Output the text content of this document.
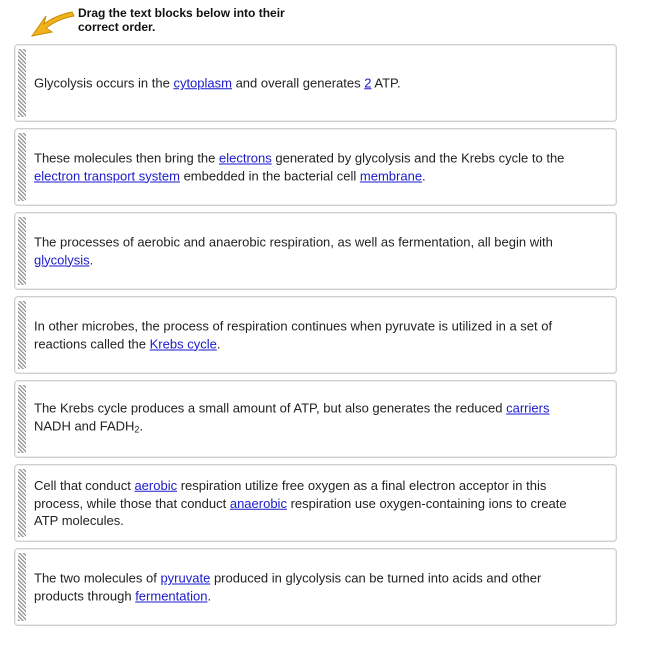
Drag the text blocks below into their correct order.
Glycolysis occurs in the cytoplasm and overall generates 2 ATP.
These molecules then bring the electrons generated by glycolysis and the Krebs cycle to the electron transport system embedded in the bacterial cell membrane.
The processes of aerobic and anaerobic respiration, as well as fermentation, all begin with glycolysis.
In other microbes, the process of respiration continues when pyruvate is utilized in a set of reactions called the Krebs cycle.
The Krebs cycle produces a small amount of ATP, but also generates the reduced carriers NADH and $FADH_2$.
Cell that conduct aerobic respiration utilize free oxygen as a final electron acceptor in this process, while those that conduct anaerobic respiration use oxygen-containing ions to create ATP molecules.
The two molecules of pyruvate produced in glycolysis can be turned into acids and other products through fermentation.
